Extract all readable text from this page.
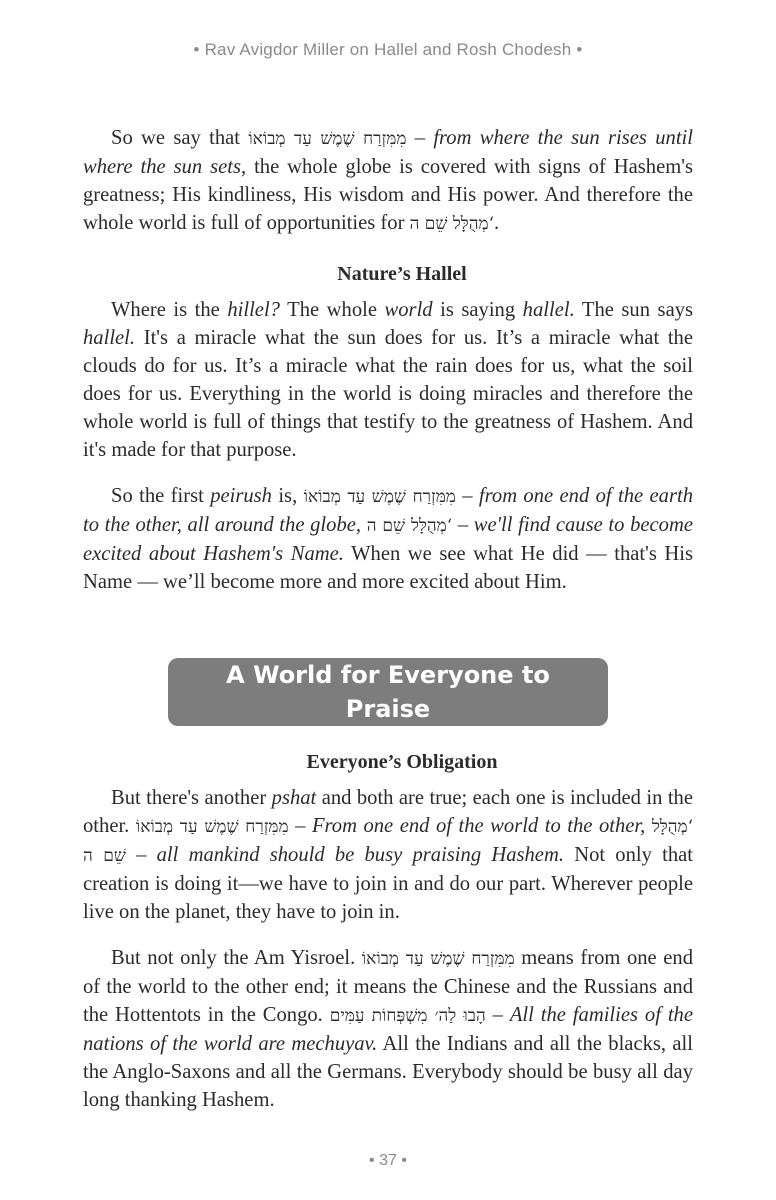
• Rav Avigdor Miller on Hallel and Rosh Chodesh •

So we say that מִמִּזְרַח שֶׁמֶשׁ עַד מְבוֹאוֹ – from where the sun rises until where the sun sets, the whole globe is covered with signs of Hashem's greatness; His kindliness, His wisdom and His power. And therefore the whole world is full of opportunities for ‘מְהֻלָּל שֵׁם ה.

Nature’s Hallel

Where is the hillel? The whole world is saying hallel. The sun says hallel. It's a miracle what the sun does for us. It’s a miracle what the clouds do for us. It’s a miracle what the rain does for us, what the soil does for us. Everything in the world is doing miracles and therefore the whole world is full of things that testify to the greatness of Hashem. And it's made for that purpose.

So the first peirush is, מִמִּזְרַח שֶׁמֶשׁ עַד מְבוֹאוֹ – from one end of the earth to the other, all around the globe, ‘מְהֻלָּל שֵׁם ה – we'll find cause to become excited about Hashem's Name. When we see what He did — that's His Name — we’ll become more and more excited about Him.

A World for Everyone to Praise

Everyone’s Obligation

But there's another pshat and both are true; each one is included in the other. מִמִּזְרַח שֶׁמֶשׁ עַד מְבוֹאוֹ – From one end of the world to the other, ‘מְהֻלָּל שֵׁם ה – all mankind should be busy praising Hashem. Not only that creation is doing it—we have to join in and do our part. Wherever people live on the planet, they have to join in.

But not only the Am Yisroel. מִמִּזְרַח שֶׁמֶשׁ עַד מְבוֹאוֹ means from one end of the world to the other end; it means the Chinese and the Russians and the Hottentots in the Congo. הָבוּ לַה׳ מִשְׁפְּחוֹת עַמִּים – All the families of the nations of the world are mechuyav. All the Indians and all the blacks, all the Anglo-Saxons and all the Germans. Everybody should be busy all day long thanking Hashem.

• 37 •
